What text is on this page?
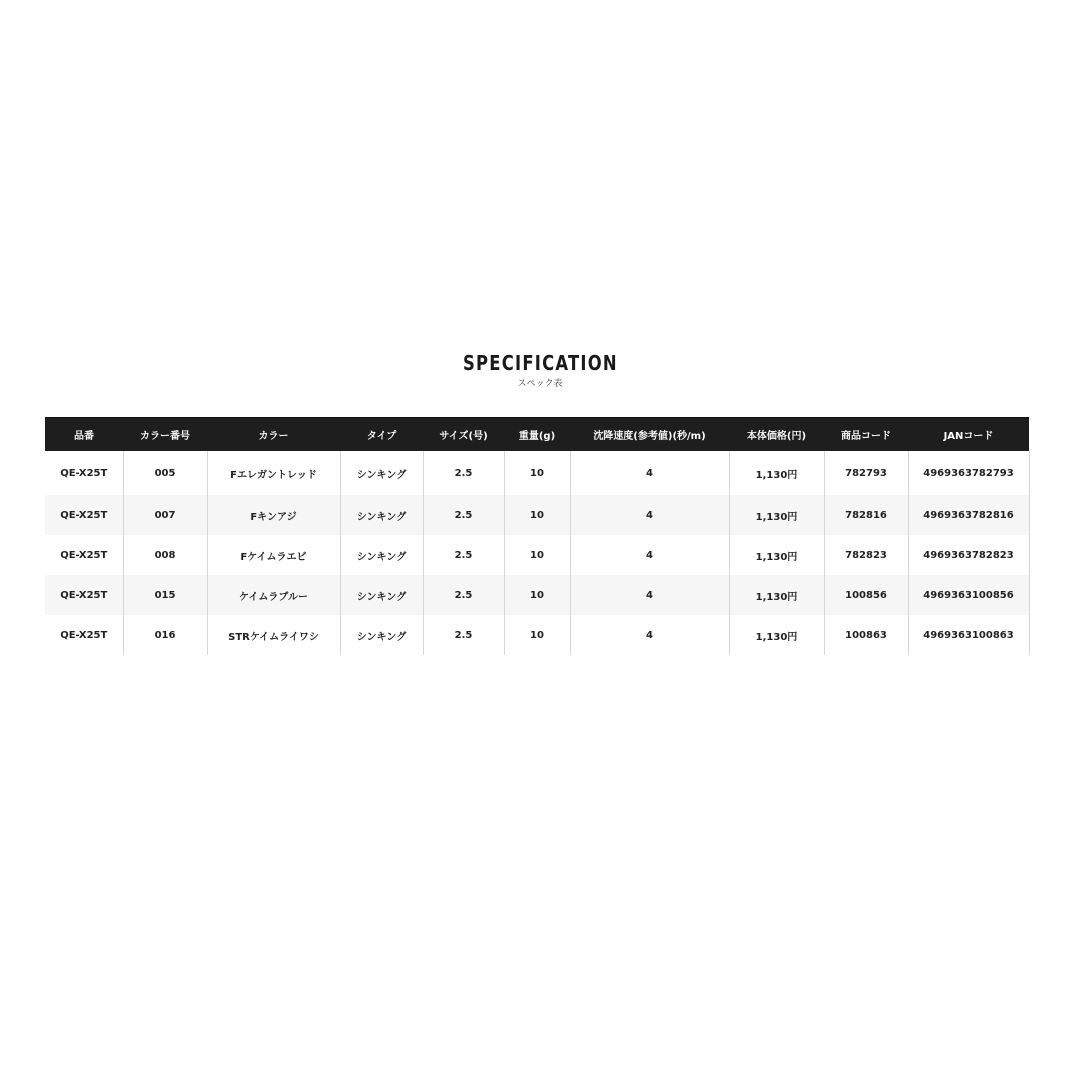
SPECIFICATION
スペック表
品番	カラー番号	カラー	タイプ	サイズ(号)	重量(g)	沈降速度(参考値)(秒/m)	本体価格(円)	商品コード	JANコード
QE-X25T	005	Fエレガントレッド	シンキング	2.5	10	4	1,130円	782793	4969363782793
QE-X25T	007	Fキンアジ	シンキング	2.5	10	4	1,130円	782816	4969363782816
QE-X25T	008	Fケイムラエビ	シンキング	2.5	10	4	1,130円	782823	4969363782823
QE-X25T	015	ケイムラブルー	シンキング	2.5	10	4	1,130円	100856	4969363100856
QE-X25T	016	STRケイムライワシ	シンキング	2.5	10	4	1,130円	100863	4969363100863
